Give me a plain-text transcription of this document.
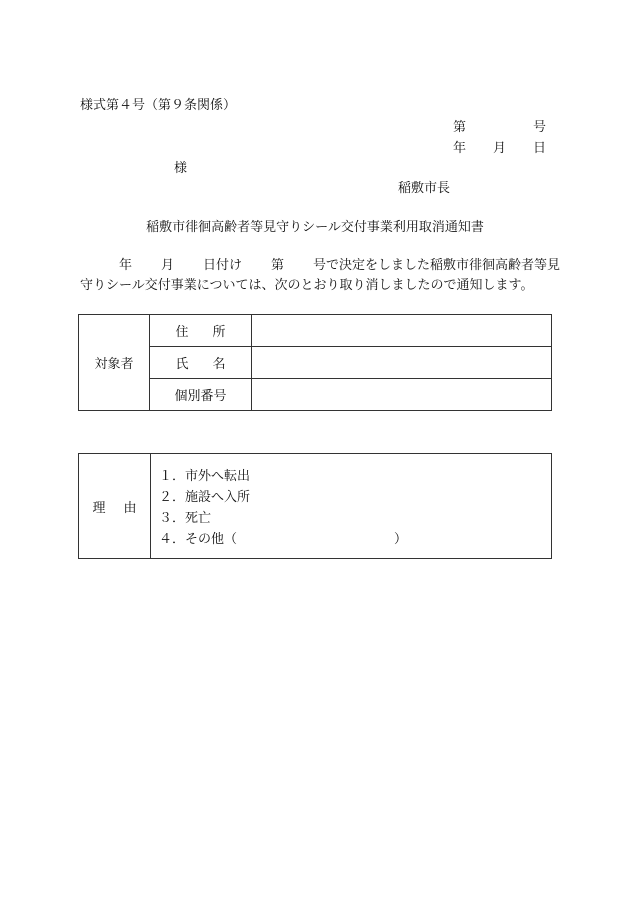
様式第４号（第９条関係）
第	号
年 月 日
様
稲敷市長
稲敷市徘徊高齢者等見守りシール交付事業利用取消通知書
年 月 日付け 第 号で決定をしました稲敷市徘徊高齢者等見
守りシール交付事業については、次のとおり取り消しましたので通知します。
対象者	住 所	
	氏 名	
	個別番号	
理 由	
１．市外へ転出
２．施設へ入所
３．死亡
４．その他（	）
